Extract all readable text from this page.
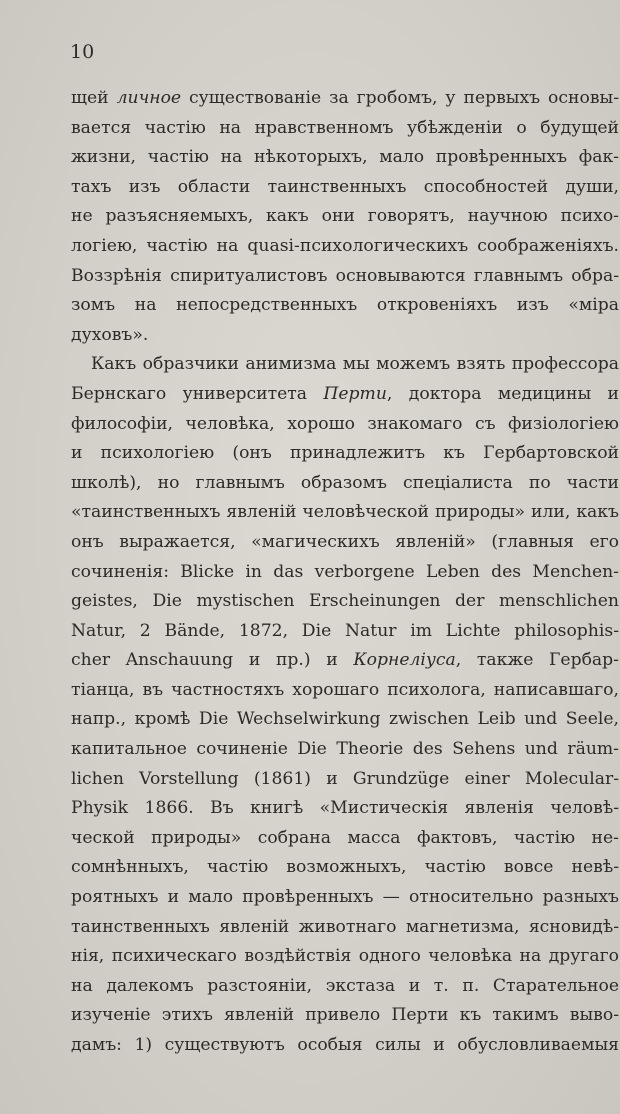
10

щей личное существованіе за гробомъ, у первыхъ основы-
вается частію на нравственномъ убѣжденіи о будущей
жизни, частію на нѣкоторыхъ, мало провѣренныхъ фак-
тахъ изъ области таинственныхъ способностей души,
не разъясняемыхъ, какъ они говорятъ, научною психо-
логіею, частію на quasi-психологическихъ соображеніяхъ.
Воззрѣнія спиритуалистовъ основываются главнымъ обра-
зомъ на непосредственныхъ откровеніяхъ изъ «міра
духовъ».
Какъ образчики анимизма мы можемъ взять профессора
Бернскаго университета Перти, доктора медицины и
философіи, человѣка, хорошо знакомаго съ физіологіею
и психологіею (онъ принадлежитъ къ Гербартовской
школѣ), но главнымъ образомъ спеціалиста по части
«таинственныхъ явленій человѣческой природы» или, какъ
онъ выражается, «магическихъ явленій» (главныя его
сочиненія: Blicke in das verborgene Leben des Menchen-
geistes, Die mystischen Erscheinungen der menschlichen
Natur, 2 Bände, 1872, Die Natur im Lichte philosophis-
cher Anschauung и пр.) и Корнеліуса, также Гербар-
тіанца, въ частностяхъ хорошаго психолога, написавшаго,
напр., кромѣ Die Wechselwirkung zwischen Leib und Seele,
капитальное сочиненіе Die Theorie des Sehens und räum-
lichen Vorstellung (1861) и Grundzüge einer Molecular-
Physik 1866. Въ книгѣ «Мистическія явленія человѣ-
ческой природы» собрана масса фактовъ, частію не-
сомнѣнныхъ, частію возможныхъ, частію вовсе невѣ-
роятныхъ и мало провѣренныхъ — относительно разныхъ
таинственныхъ явленій животнаго магнетизма, ясновидѣ-
нія, психическаго воздѣйствія одного человѣка на другаго
на далекомъ разстояніи, экстаза и т. п. Старательное
изученіе этихъ явленій привело Перти къ такимъ выво-
дамъ: 1) существуютъ особыя силы и обусловливаемыя
